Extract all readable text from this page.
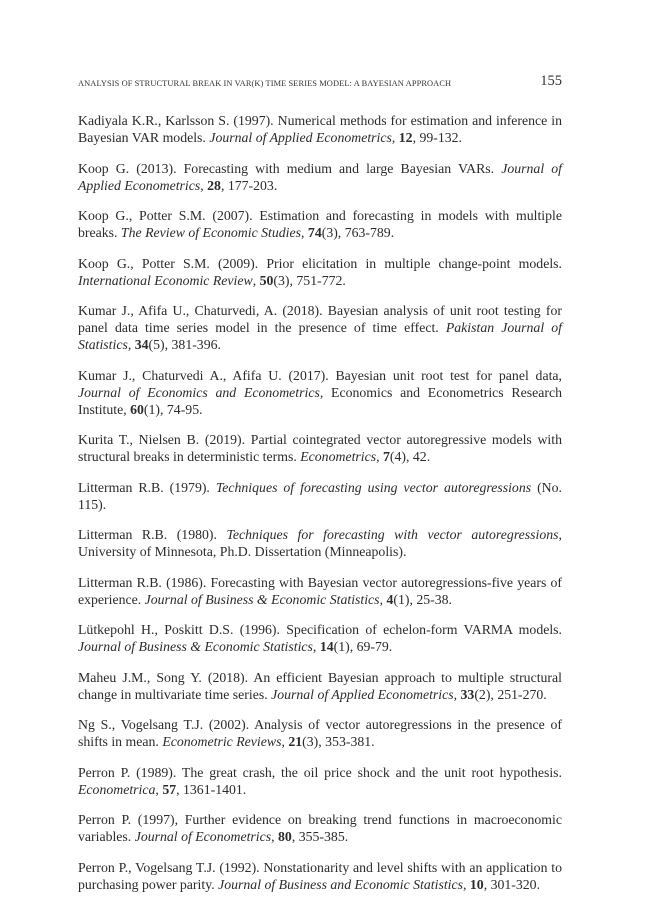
ANALYSIS OF STRUCTURAL BREAK IN VAR(K) TIME SERIES MODEL: A BAYESIAN APPROACH	155

Kadiyala K.R., Karlsson S. (1997). Numerical methods for estimation and inference in Bayesian VAR models. Journal of Applied Econometrics, 12, 99-132.

Koop G. (2013). Forecasting with medium and large Bayesian VARs. Journal of Applied Econometrics, 28, 177-203.

Koop G., Potter S.M. (2007). Estimation and forecasting in models with multiple breaks. The Review of Economic Studies, 74(3), 763-789.

Koop G., Potter S.M. (2009). Prior elicitation in multiple change-point models. International Economic Review, 50(3), 751-772.

Kumar J., Afifa U., Chaturvedi, A. (2018). Bayesian analysis of unit root testing for panel data time series model in the presence of time effect. Pakistan Journal of Statistics, 34(5), 381-396.

Kumar J., Chaturvedi A., Afifa U. (2017). Bayesian unit root test for panel data, Journal of Economics and Econometrics, Economics and Econometrics Research Institute, 60(1), 74-95.

Kurita T., Nielsen B. (2019). Partial cointegrated vector autoregressive models with structural breaks in deterministic terms. Econometrics, 7(4), 42.

Litterman R.B. (1979). Techniques of forecasting using vector autoregressions (No. 115).

Litterman R.B. (1980). Techniques for forecasting with vector autoregressions, University of Minnesota, Ph.D. Dissertation (Minneapolis).

Litterman R.B. (1986). Forecasting with Bayesian vector autoregressions-five years of experience. Journal of Business & Economic Statistics, 4(1), 25-38.

Lütkepohl H., Poskitt D.S. (1996). Specification of echelon-form VARMA models. Journal of Business & Economic Statistics, 14(1), 69-79.

Maheu J.M., Song Y. (2018). An efficient Bayesian approach to multiple structural change in multivariate time series. Journal of Applied Econometrics, 33(2), 251-270.

Ng S., Vogelsang T.J. (2002). Analysis of vector autoregressions in the presence of shifts in mean. Econometric Reviews, 21(3), 353-381.

Perron P. (1989). The great crash, the oil price shock and the unit root hypothesis. Econometrica, 57, 1361-1401.

Perron P. (1997), Further evidence on breaking trend functions in macroeconomic variables. Journal of Econometrics, 80, 355-385.

Perron P., Vogelsang T.J. (1992). Nonstationarity and level shifts with an application to purchasing power parity. Journal of Business and Economic Statistics, 10, 301-320.
